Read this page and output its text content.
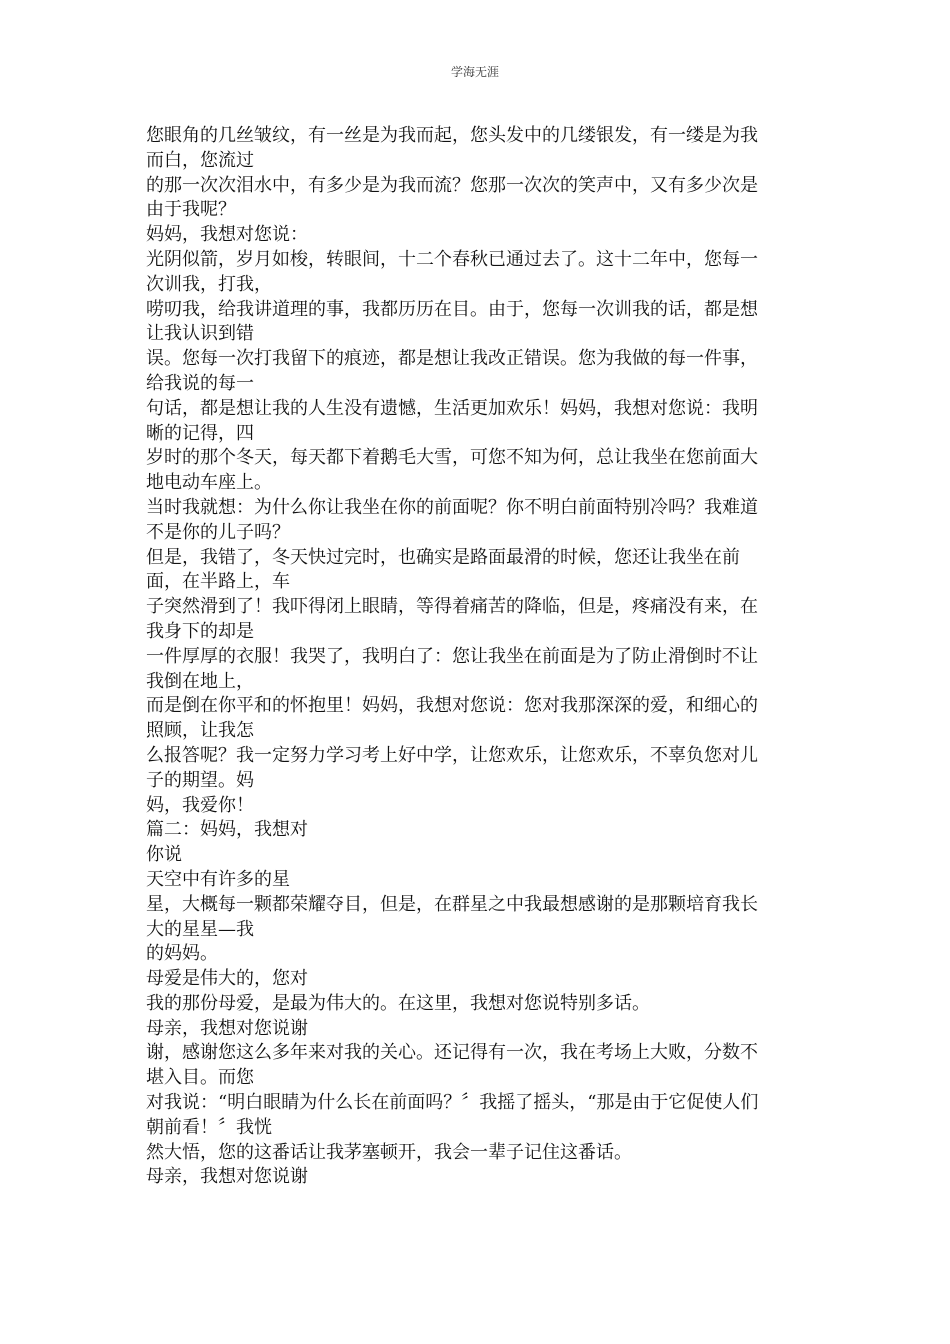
学海无涯
您眼角的几丝皱纹，有一丝是为我而起，您头发中的几缕银发，有一缕是为我
而白，您流过
的那一次次泪水中，有多少是为我而流？您那一次次的笑声中，又有多少次是
由于我呢？
妈妈，我想对您说：
光阴似箭，岁月如梭，转眼间，十二个春秋已通过去了。这十二年中，您每一
次训我，打我，
唠叨我，给我讲道理的事，我都历历在目。由于，您每一次训我的话，都是想
让我认识到错
误。您每一次打我留下的痕迹，都是想让我改正错误。您为我做的每一件事，
给我说的每一
句话，都是想让我的人生没有遗憾，生活更加欢乐！妈妈，我想对您说：我明
晰的记得，四
岁时的那个冬天，每天都下着鹅毛大雪，可您不知为何，总让我坐在您前面大
地电动车座上。
当时我就想：为什么你让我坐在你的前面呢？你不明白前面特别冷吗？我难道
不是你的儿子吗？
但是，我错了，冬天快过完时，也确实是路面最滑的时候，您还让我坐在前
面，在半路上，车
子突然滑到了！我吓得闭上眼睛，等得着痛苦的降临，但是，疼痛没有来，在
我身下的却是
一件厚厚的衣服！我哭了，我明白了：您让我坐在前面是为了防止滑倒时不让
我倒在地上，
而是倒在你平和的怀抱里！妈妈，我想对您说：您对我那深深的爱，和细心的
照顾，让我怎
么报答呢？我一定努力学习考上好中学，让您欢乐，让您欢乐，不辜负您对儿
子的期望。妈
妈，我爱你！
篇二：妈妈，我想对
你说
天空中有许多的星
星，大概每一颗都荣耀夺目，但是，在群星之中我最想感谢的是那颗培育我长
大的星星—我
的妈妈。
母爱是伟大的，您对
我的那份母爱，是最为伟大的。在这里，我想对您说特别多话。
母亲，我想对您说谢
谢，感谢您这么多年来对我的关心。还记得有一次，我在考场上大败，分数不
堪入目。而您
对我说：“明白眼睛为什么长在前面吗？〞我摇了摇头，“那是由于它促使人们
朝前看！〞我恍
然大悟，您的这番话让我茅塞顿开，我会一辈子记住这番话。
母亲，我想对您说谢
